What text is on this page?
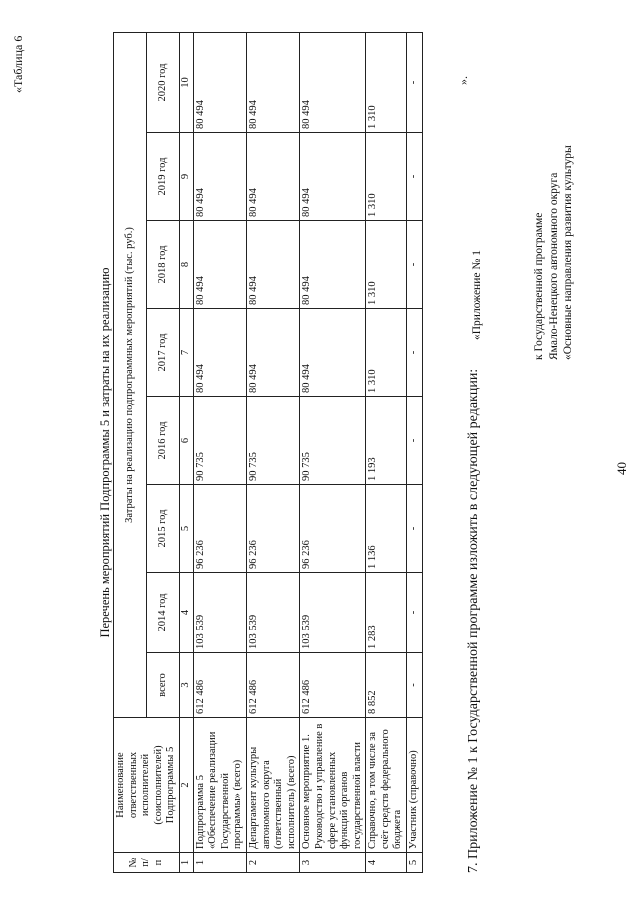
40
«Таблица 6
Перечень мероприятий Подпрограммы 5 и затраты на их реализацию
№ п/п	Наименование ответственных исполнителей (соисполнителей) Подпрограммы 5	Затраты на реализацию подпрограммных мероприятий (тыс. руб.)							
		всего	2014 год	2015 год	2016 год	2017 год	2018 год	2019 год	2020 год
1	2	3	4	5	6	7	8	9	10
1	Подпрограмма 5 «Обеспечение реализации Государственной программы» (всего)	612 486	103 539	96 236	90 735	80 494	80 494	80 494	80 494
2	Департамент культуры автономного округа (ответственный исполнитель) (всего)	612 486	103 539	96 236	90 735	80 494	80 494	80 494	80 494
3	Основное мероприятие 1. Руководство и управление в сфере установленных функций органов государственной власти	612 486	103 539	96 236	90 735	80 494	80 494	80 494	80 494
4	Справочно, в том числе за счёт средств федерального бюджета	8 852	1 283	1 136	1 193	1 310	1 310	1 310	1 310
5	Участник (справочно)	-	-	-	-	-	-	-	-	».
7. Приложение № 1 к Государственной программе изложить в следующей редакции:
«Приложение № 1	к Государственной программе Ямало-Ненецкого автономного округа «Основные направления развития культуры
